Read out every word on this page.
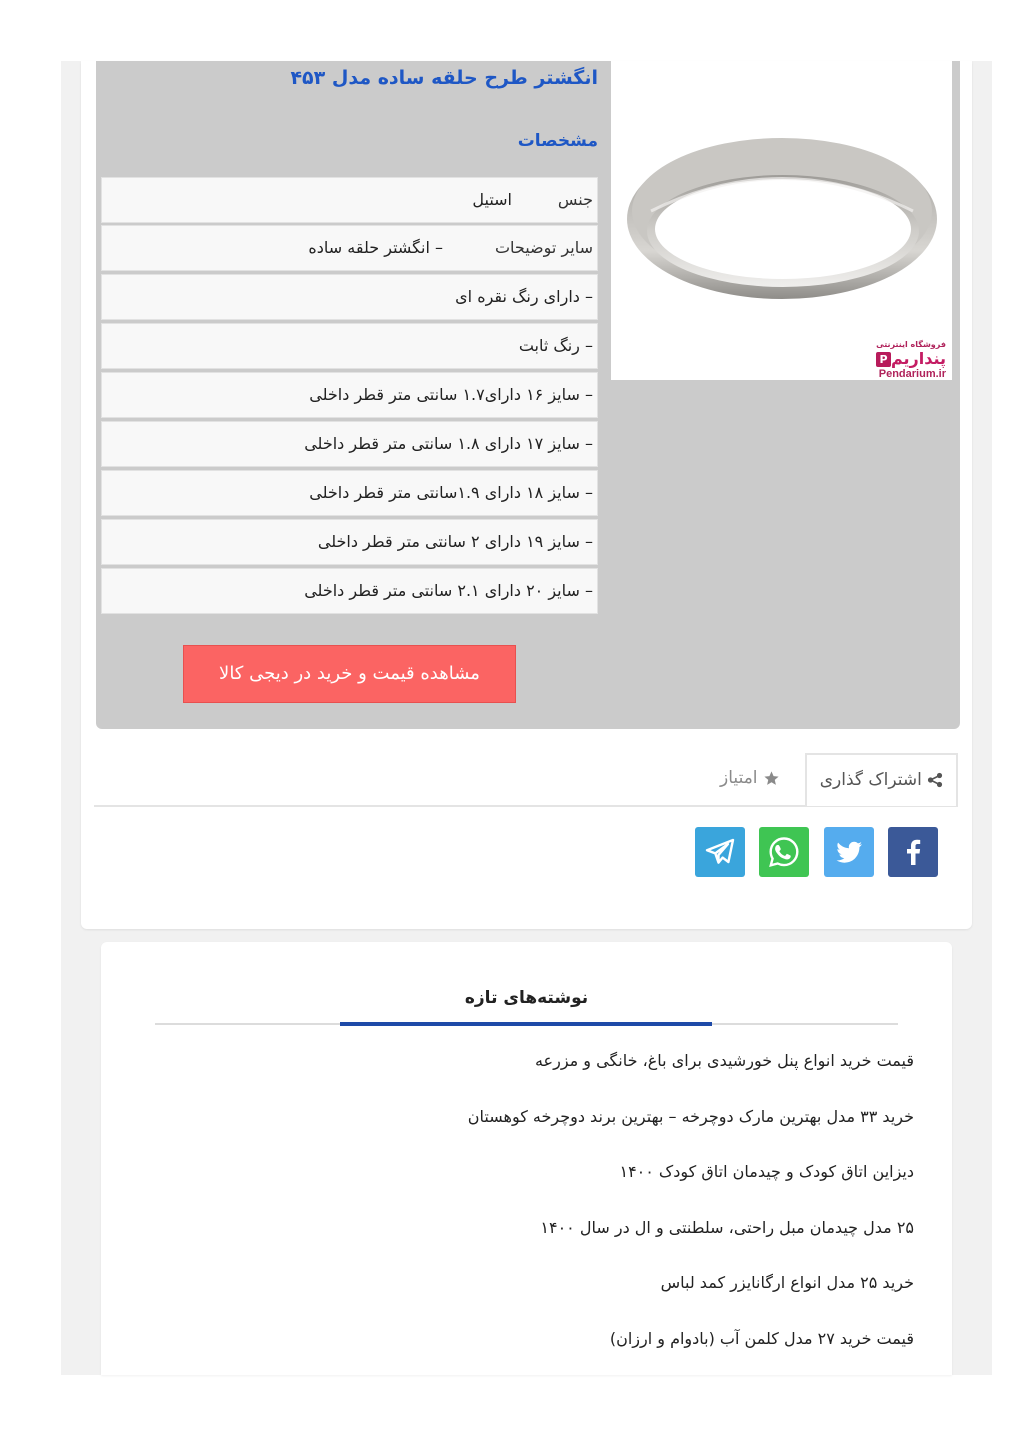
فروشگاه اینترنتی
پنداریمP
Pendarium.ir
انگشتر طرح حلقه ساده مدل ۴۵۳
مشخصات
جنس
استیل
سایر توضیحات
– انگشتر حلقه ساده
– دارای رنگ نقره ای
– رنگ ثابت
– سایز ۱۶ دارای۱.۷ سانتی متر قطر داخلی
– سایز ۱۷ دارای ۱.۸ سانتی متر قطر داخلی
– سایز ۱۸ دارای ۱.۹سانتی متر قطر داخلی
– سایز ۱۹ دارای ۲ سانتی متر قطر داخلی
– سایز ۲۰ دارای ۲.۱ سانتی متر قطر داخلی
مشاهده قیمت و خرید در دیجی کالا
اشتراک گذاری
امتیاز
نوشته‌های تازه
قیمت خرید انواع پنل خورشیدی برای باغ، خانگی و مزرعه
خرید ۳۳ مدل بهترین مارک دوچرخه – بهترین برند دوچرخه کوهستان
دیزاین اتاق کودک و چیدمان اتاق کودک ۱۴۰۰
۲۵ مدل چیدمان مبل راحتی، سلطنتی و ال در سال ۱۴۰۰
خرید ۲۵ مدل انواع ارگانایزر کمد لباس
قیمت خرید ۲۷ مدل کلمن آب (بادوام و ارزان)
